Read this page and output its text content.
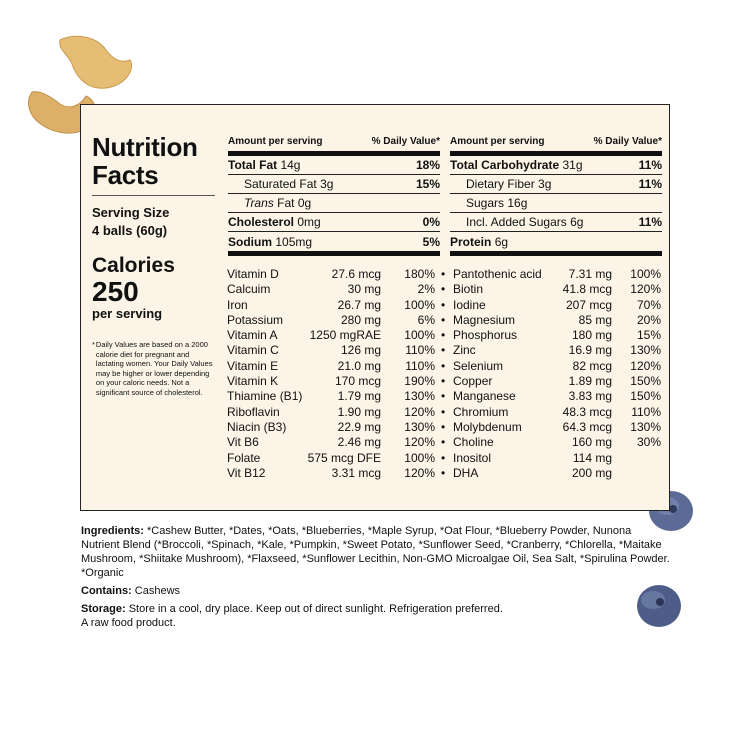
Nutrition
Facts
Serving Size
4 balls (60g)
Calories
250
per serving
* Daily Values are based on a 2000 calorie diet for pregnant and lactating women. Your Daily Values may be higher or lower depending on your caloric needs. Not a significant source of cholesterol.
Amount per serving	% Daily Value*
Total Fat 14g	18%
Saturated Fat 3g	15%
Trans Fat 0g
Cholesterol 0mg	0%
Sodium 105mg	5%
Amount per serving	% Daily Value*
Total Carbohydrate 31g	11%
Dietary Fiber 3g	11%
Sugars 16g
Incl. Added Sugars 6g	11%
Protein 6g
Vitamin D	27.6 mcg 180%
Calcuim	30 mg	2%
Iron	26.7 mg 100%
Potassium	280 mg	6%
Vitamin A	1250 mgRAE 100%
Vitamin C	126 mg 110%
Vitamin E	21.0 mg 110%
Vitamin K	170 mcg 190%
Thiamine (B1)	1.79 mg 130%
Riboflavin	1.90 mg 120%
Niacin (B3)	22.9 mg 130%
Vit B6	2.46 mg 120%
Folate	575 mcg DFE 100%
Vit B12	3.31 mcg 120%
• Pantothenic acid 7.31 mg 100%
• Biotin	41.8 mcg 120%
• Iodine	207 mcg 70%
• Magnesium	85 mg 20%
• Phosphorus	180 mg 15%
• Zinc	16.9 mg 130%
• Selenium	82 mcg 120%
• Copper	1.89 mg 150%
• Manganese	3.83 mg 150%
• Chromium	48.3 mcg 110%
• Molybdenum	64.3 mcg 130%
• Choline	160 mg 30%
• Inositol	114 mg
• DHA	200 mg

Ingredients: *Cashew Butter, *Dates, *Oats, *Blueberries, *Maple Syrup, *Oat Flour, *Blueberry Powder, Nunona Nutrient Blend (*Broccoli, *Spinach, *Kale, *Pumpkin, *Sweet Potato, *Sunflower Seed, *Cranberry, *Chlorella, *Maitake Mushroom, *Shiitake Mushroom), *Flaxseed, *Sunflower Lecithin, Non-GMO Microalgae Oil, Sea Salt, *Spirulina Powder.
*Organic

Contains: Cashews

Storage: Store in a cool, dry place. Keep out of direct sunlight. Refrigeration preferred.
A raw food product.
